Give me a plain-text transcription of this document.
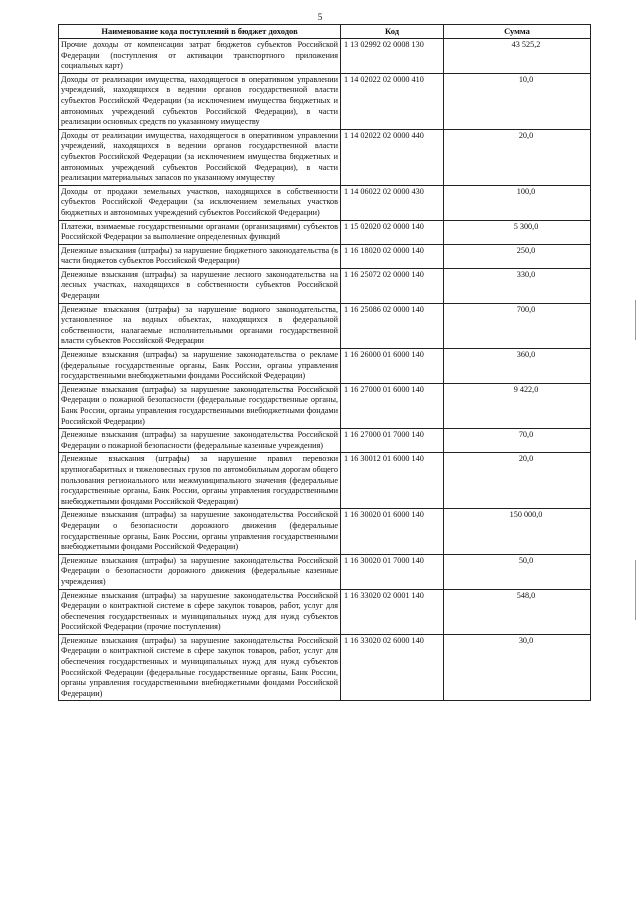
5
Наименование кода поступлений в бюджет доходов	Код	Сумма
Прочие доходы от компенсации затрат бюджетов субъектов Российской Федерации (поступления от активации транспортного приложения социальных карт)	1 13 02992 02 0008 130	43 525,2
Доходы от реализации имущества, находящегося в оперативном управлении учреждений, находящихся в ведении органов государственной власти субъектов Российской Федерации (за исключением имущества бюджетных и автономных учреждений субъектов Российской Федерации), в части реализации основных средств по указанному имуществу	1 14 02022 02 0000 410	10,0
Доходы от реализации имущества, находящегося в оперативном управлении учреждений, находящихся в ведении органов государственной власти субъектов Российской Федерации (за исключением имущества бюджетных и автономных учреждений субъектов Российской Федерации), в части реализации материальных запасов по указанному имуществу	1 14 02022 02 0000 440	20,0
Доходы от продажи земельных участков, находящихся в собственности субъектов Российской Федерации (за исключением земельных участков бюджетных и автономных учреждений субъектов Российской Федерации)	1 14 06022 02 0000 430	100,0
Платежи, взимаемые государственными органами (организациями) субъектов Российской Федерации за выполнение определенных функций	1 15 02020 02 0000 140	5 300,0
Денежные взыскания (штрафы) за нарушение бюджетного законодательства (в части бюджетов субъектов Российской Федерации)	1 16 18020 02 0000 140	250,0
Денежные взыскания (штрафы) за нарушение лесного законодательства на лесных участках, находящихся в собственности субъектов Российской Федерации	1 16 25072 02 0000 140	330,0
Денежные взыскания (штрафы) за нарушение водного законодательства, установленное на водных объектах, находящихся в федеральной собственности, налагаемые исполнительными органами государственной власти субъектов Российской Федерации	1 16 25086 02 0000 140	700,0
Денежные взыскания (штрафы) за нарушение законодательства о рекламе (федеральные государственные органы, Банк России, органы управления государственными внебюджетными фондами Российской Федерации)	1 16 26000 01 6000 140	360,0
Денежные взыскания (штрафы) за нарушение законодательства Российской Федерации о пожарной безопасности (федеральные государственные органы, Банк России, органы управления государственными внебюджетными фондами Российской Федерации)	1 16 27000 01 6000 140	9 422,0
Денежные взыскания (штрафы) за нарушение законодательства Российской Федерации о пожарной безопасности (федеральные казенные учреждения)	1 16 27000 01 7000 140	70,0
Денежные взыскания (штрафы) за нарушение правил перевозки крупногабаритных и тяжеловесных грузов по автомобильным дорогам общего пользования регионального или межмуниципального значения (федеральные государственные органы, Банк России, органы управления государственными внебюджетными фондами Российской Федерации)	1 16 30012 01 6000 140	20,0
Денежные взыскания (штрафы) за нарушение законодательства Российской Федерации о безопасности дорожного движения (федеральные государственные органы, Банк России, органы управления государственными внебюджетными фондами Российской Федерации)	1 16 30020 01 6000 140	150 000,0
Денежные взыскания (штрафы) за нарушение законодательства Российской Федерации о безопасности дорожного движения (федеральные казенные учреждения)	1 16 30020 01 7000 140	50,0
Денежные взыскания (штрафы) за нарушение законодательства Российской Федерации о контрактной системе в сфере закупок товаров, работ, услуг для обеспечения государственных и муниципальных нужд для нужд субъектов Российской Федерации (прочие поступления)	1 16 33020 02 0001 140	548,0
Денежные взыскания (штрафы) за нарушение законодательства Российской Федерации о контрактной системе в сфере закупок товаров, работ, услуг для обеспечения государственных и муниципальных нужд для нужд субъектов Российской Федерации (федеральные государственные органы, Банк России, органы управления государственными внебюджетными фондами Российской Федерации)	1 16 33020 02 6000 140	30,0
